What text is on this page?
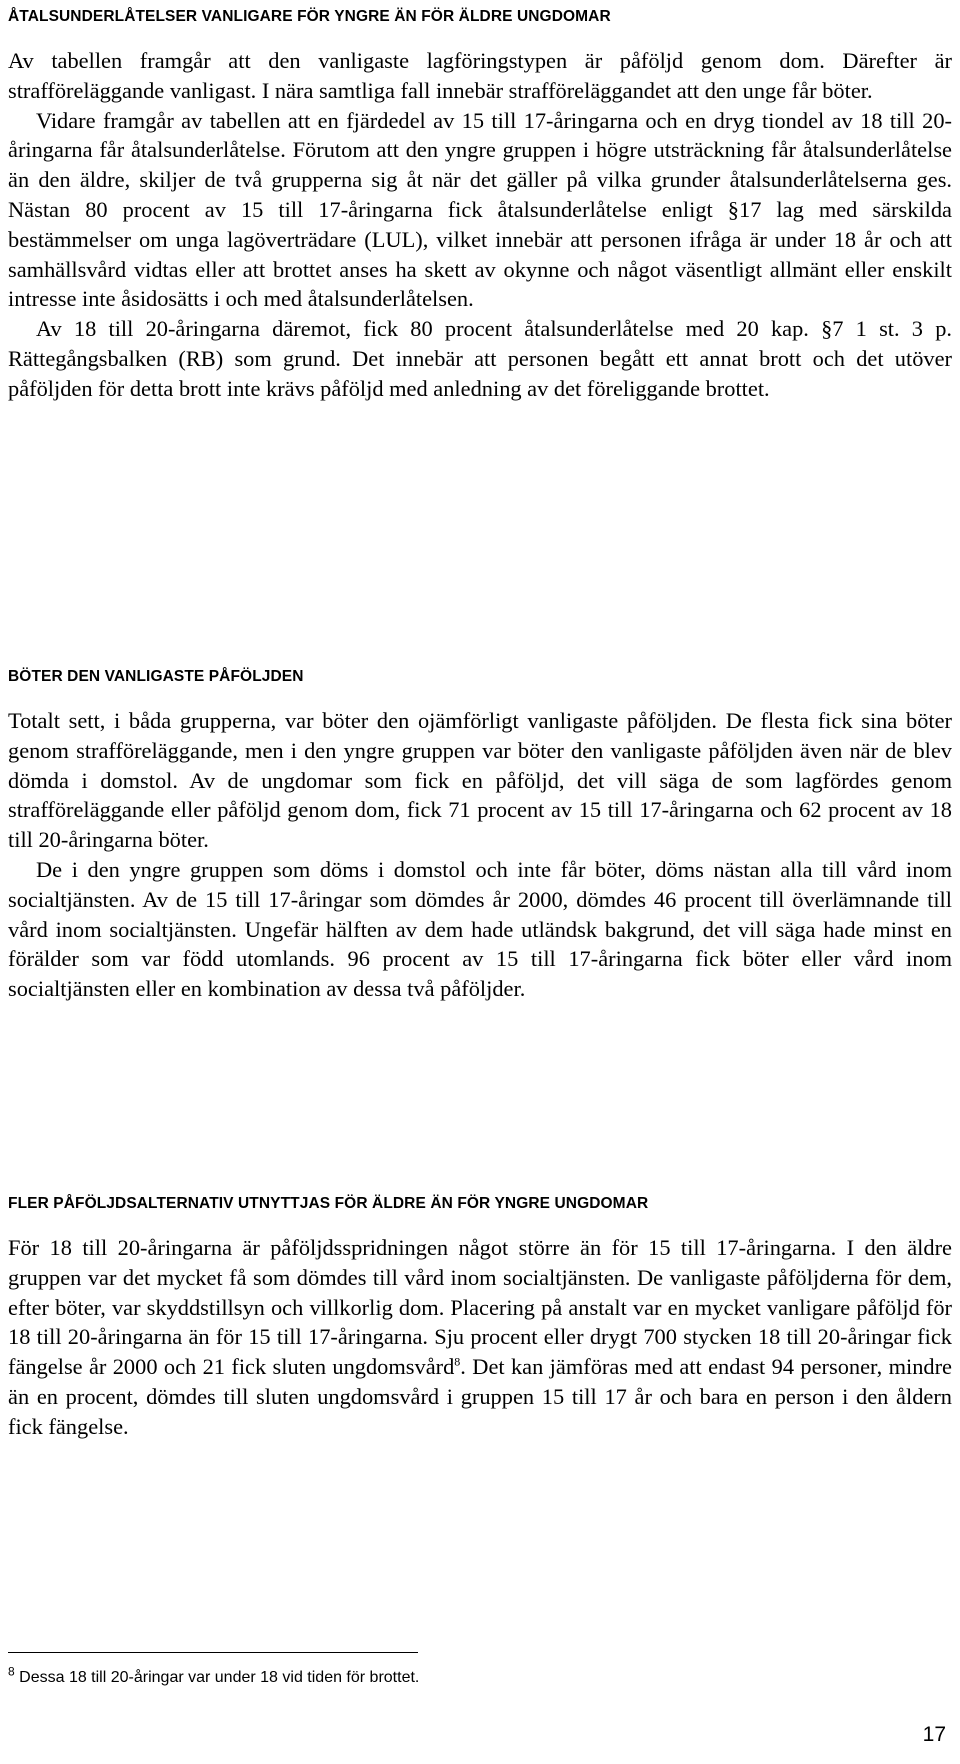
ÅTALSUNDERLÅTELSER VANLIGARE FÖR YNGRE ÄN FÖR ÄLDRE UNGDOMAR

Av tabellen framgår att den vanligaste lagföringstypen är påföljd genom dom. Därefter är strafföreläggande vanligast. I nära samtliga fall innebär strafföreläggandet att den unge får böter.

Vidare framgår av tabellen att en fjärdedel av 15 till 17-åringarna och en dryg tiondel av 18 till 20-åringarna får åtalsunderlåtelse. Förutom att den yngre gruppen i högre utsträckning får åtalsunderlåtelse än den äldre, skiljer de två grupperna sig åt när det gäller på vilka grunder åtalsunderlåtelserna ges. Nästan 80 procent av 15 till 17-åringarna fick åtalsunderlåtelse enligt §17 lag med särskilda bestämmelser om unga lagöverträdare (LUL), vilket innebär att personen ifråga är under 18 år och att samhällsvård vidtas eller att brottet anses ha skett av okynne och något väsentligt allmänt eller enskilt intresse inte åsidosätts i och med åtalsunderlåtelsen.

Av 18 till 20-åringarna däremot, fick 80 procent åtalsunderlåtelse med 20 kap. §7 1 st. 3 p. Rättegångsbalken (RB) som grund. Det innebär att personen begått ett annat brott och det utöver påföljden för detta brott inte krävs påföljd med anledning av det föreliggande brottet.

BÖTER DEN VANLIGASTE PÅFÖLJDEN

Totalt sett, i båda grupperna, var böter den ojämförligt vanligaste påföljden. De flesta fick sina böter genom strafföreläggande, men i den yngre gruppen var böter den vanligaste påföljden även när de blev dömda i domstol. Av de ungdomar som fick en påföljd, det vill säga de som lagfördes genom strafföreläggande eller påföljd genom dom, fick 71 procent av 15 till 17-åringarna och 62 procent av 18 till 20-åringarna böter.

De i den yngre gruppen som döms i domstol och inte får böter, döms nästan alla till vård inom socialtjänsten. Av de 15 till 17-åringar som dömdes år 2000, dömdes 46 procent till överlämnande till vård inom socialtjänsten. Ungefär hälften av dem hade utländsk bakgrund, det vill säga hade minst en förälder som var född utomlands. 96 procent av 15 till 17-åringarna fick böter eller vård inom socialtjänsten eller en kombination av dessa två påföljder.

FLER PÅFÖLJDSALTERNATIV UTNYTTJAS FÖR ÄLDRE ÄN FÖR YNGRE UNGDOMAR

För 18 till 20-åringarna är påföljdsspridningen något större än för 15 till 17-åringarna. I den äldre gruppen var det mycket få som dömdes till vård inom socialtjänsten. De vanligaste påföljderna för dem, efter böter, var skyddstillsyn och villkorlig dom. Placering på anstalt var en mycket vanligare påföljd för 18 till 20-åringarna än för 15 till 17-åringarna. Sju procent eller drygt 700 stycken 18 till 20-åringar fick fängelse år 2000 och 21 fick sluten ungdomsvård$^8$. Det kan jämföras med att endast 94 personer, mindre än en procent, dömdes till sluten ungdomsvård i gruppen 15 till 17 år och bara en person i den åldern fick fängelse.

$^8$ Dessa 18 till 20-åringar var under 18 vid tiden för brottet.
17
